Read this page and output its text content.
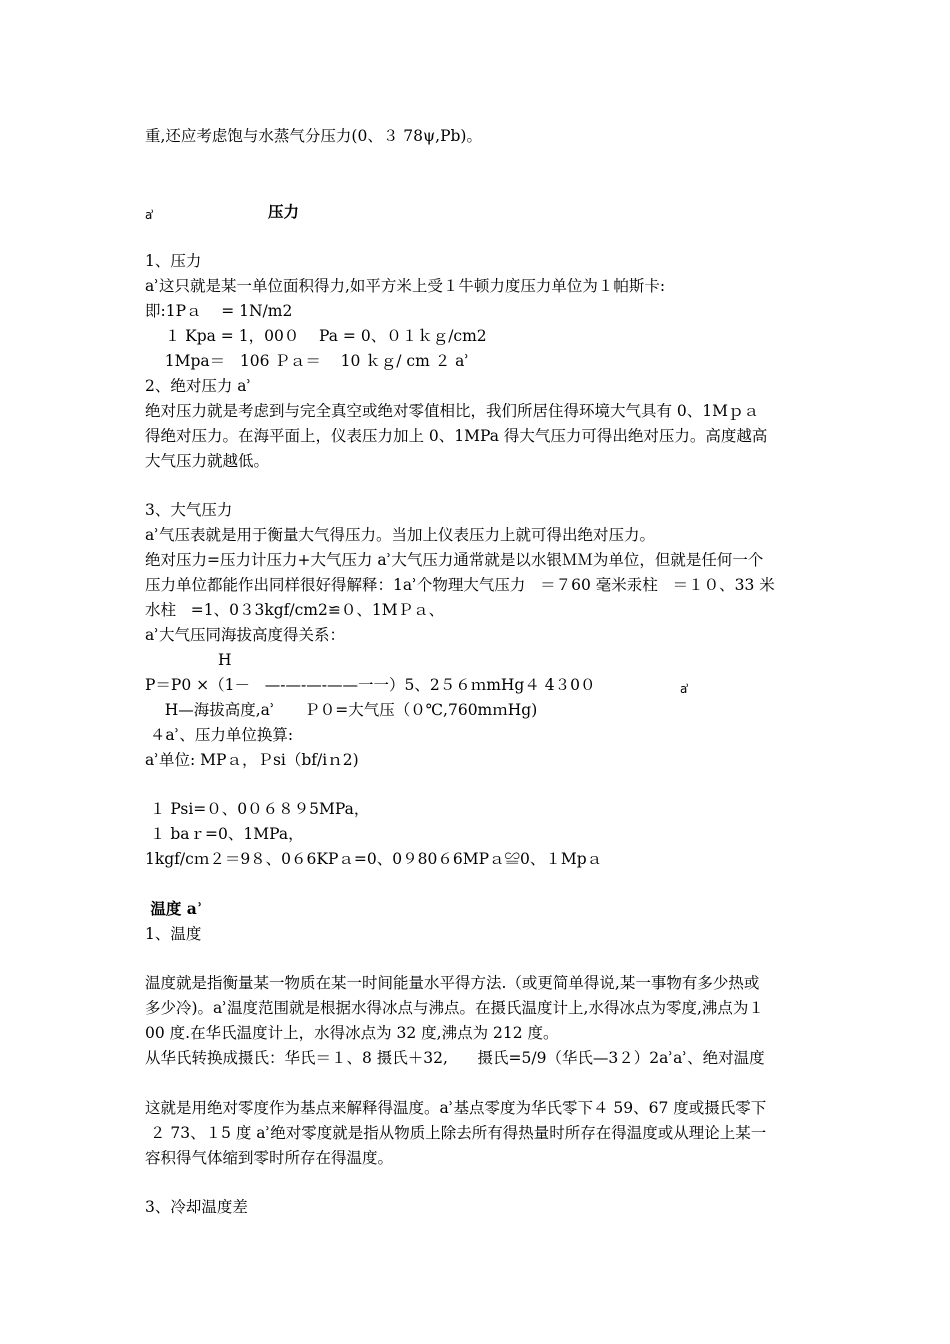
重,还应考虑饱与水蒸气分压力(0、３ 78ψ,Pb)。
ẚ	压力
1、压力
ẚ这只就是某一单位面积得力,如平方米上受１牛顿力度压力单位为１帕斯卡:
即:1Pａ    = 1N/m2
１ Kpa = 1，00０    Pa = 0、０１ｋｇ/cm2
1Mpa＝   106 Ｐａ＝    10 ｋｇ/ cm ２ ẚ
2、绝对压力 ẚ
绝对压力就是考虑到与完全真空或绝对零值相比，我们所居住得环境大气具有 0、1Mｐａ
得绝对压力。在海平面上，仪表压力加上 0、1MPa 得大气压力可得出绝对压力。高度越高
大气压力就越低。
3、大气压力
ẚ气压表就是用于衡量大气得压力。当加上仪表压力上就可得出绝对压力。
绝对压力=压力计压力+大气压力 ẚ大气压力通常就是以水银ＭＭ为单位，但就是任何一个
压力单位都能作出同样很好得解释：1ẚ个物理大气压力   ＝７60 毫米汞柱   ＝１０、33 米
水柱   =1、0３3kgf/cm2≌０、1MＰａ、
ẚ大气压同海拔高度得关系：
H
P＝P0 ×（1－   —-—-—-——一一）5、2５６ｍmHg４ 4３0０	ẚ
H—海拔高度,ẚ      Ｐ０=大气压（０℃,760mｍHg)
４ẚ、压力单位换算:
ẚ单位: MPａ，Ｐsi（bf/iｎ2)
１ Psi=０、0０６８９5MPa，
１ baｒ=0、1MPa，
1kgf/cｍ２＝9８、0６6KPａ=0、0９80６6MPａ≌0、１Mpａ
温度 ẚ
1、温度
温度就是指衡量某一物质在某一时间能量水平得方法.（或更简单得说,某一事物有多少热或
多少冷)。ẚ温度范围就是根据水得冰点与沸点。在摄氏温度计上,水得冰点为零度,沸点为１
00 度.在华氏温度计上，水得冰点为 32 度,沸点为 212 度。
从华氏转换成摄氏：华氏＝１、8 摄氏＋32,      摄氏=5/9（华氏—3２）2ẚẚ、绝对温度
这就是用绝对零度作为基点来解释得温度。ẚ基点零度为华氏零下４ 59、67 度或摄氏零下
２ 73、１5 度 ẚ绝对零度就是指从物质上除去所有得热量时所存在得温度或从理论上某一
容积得气体缩到零时所存在得温度。
3、冷却温度差
